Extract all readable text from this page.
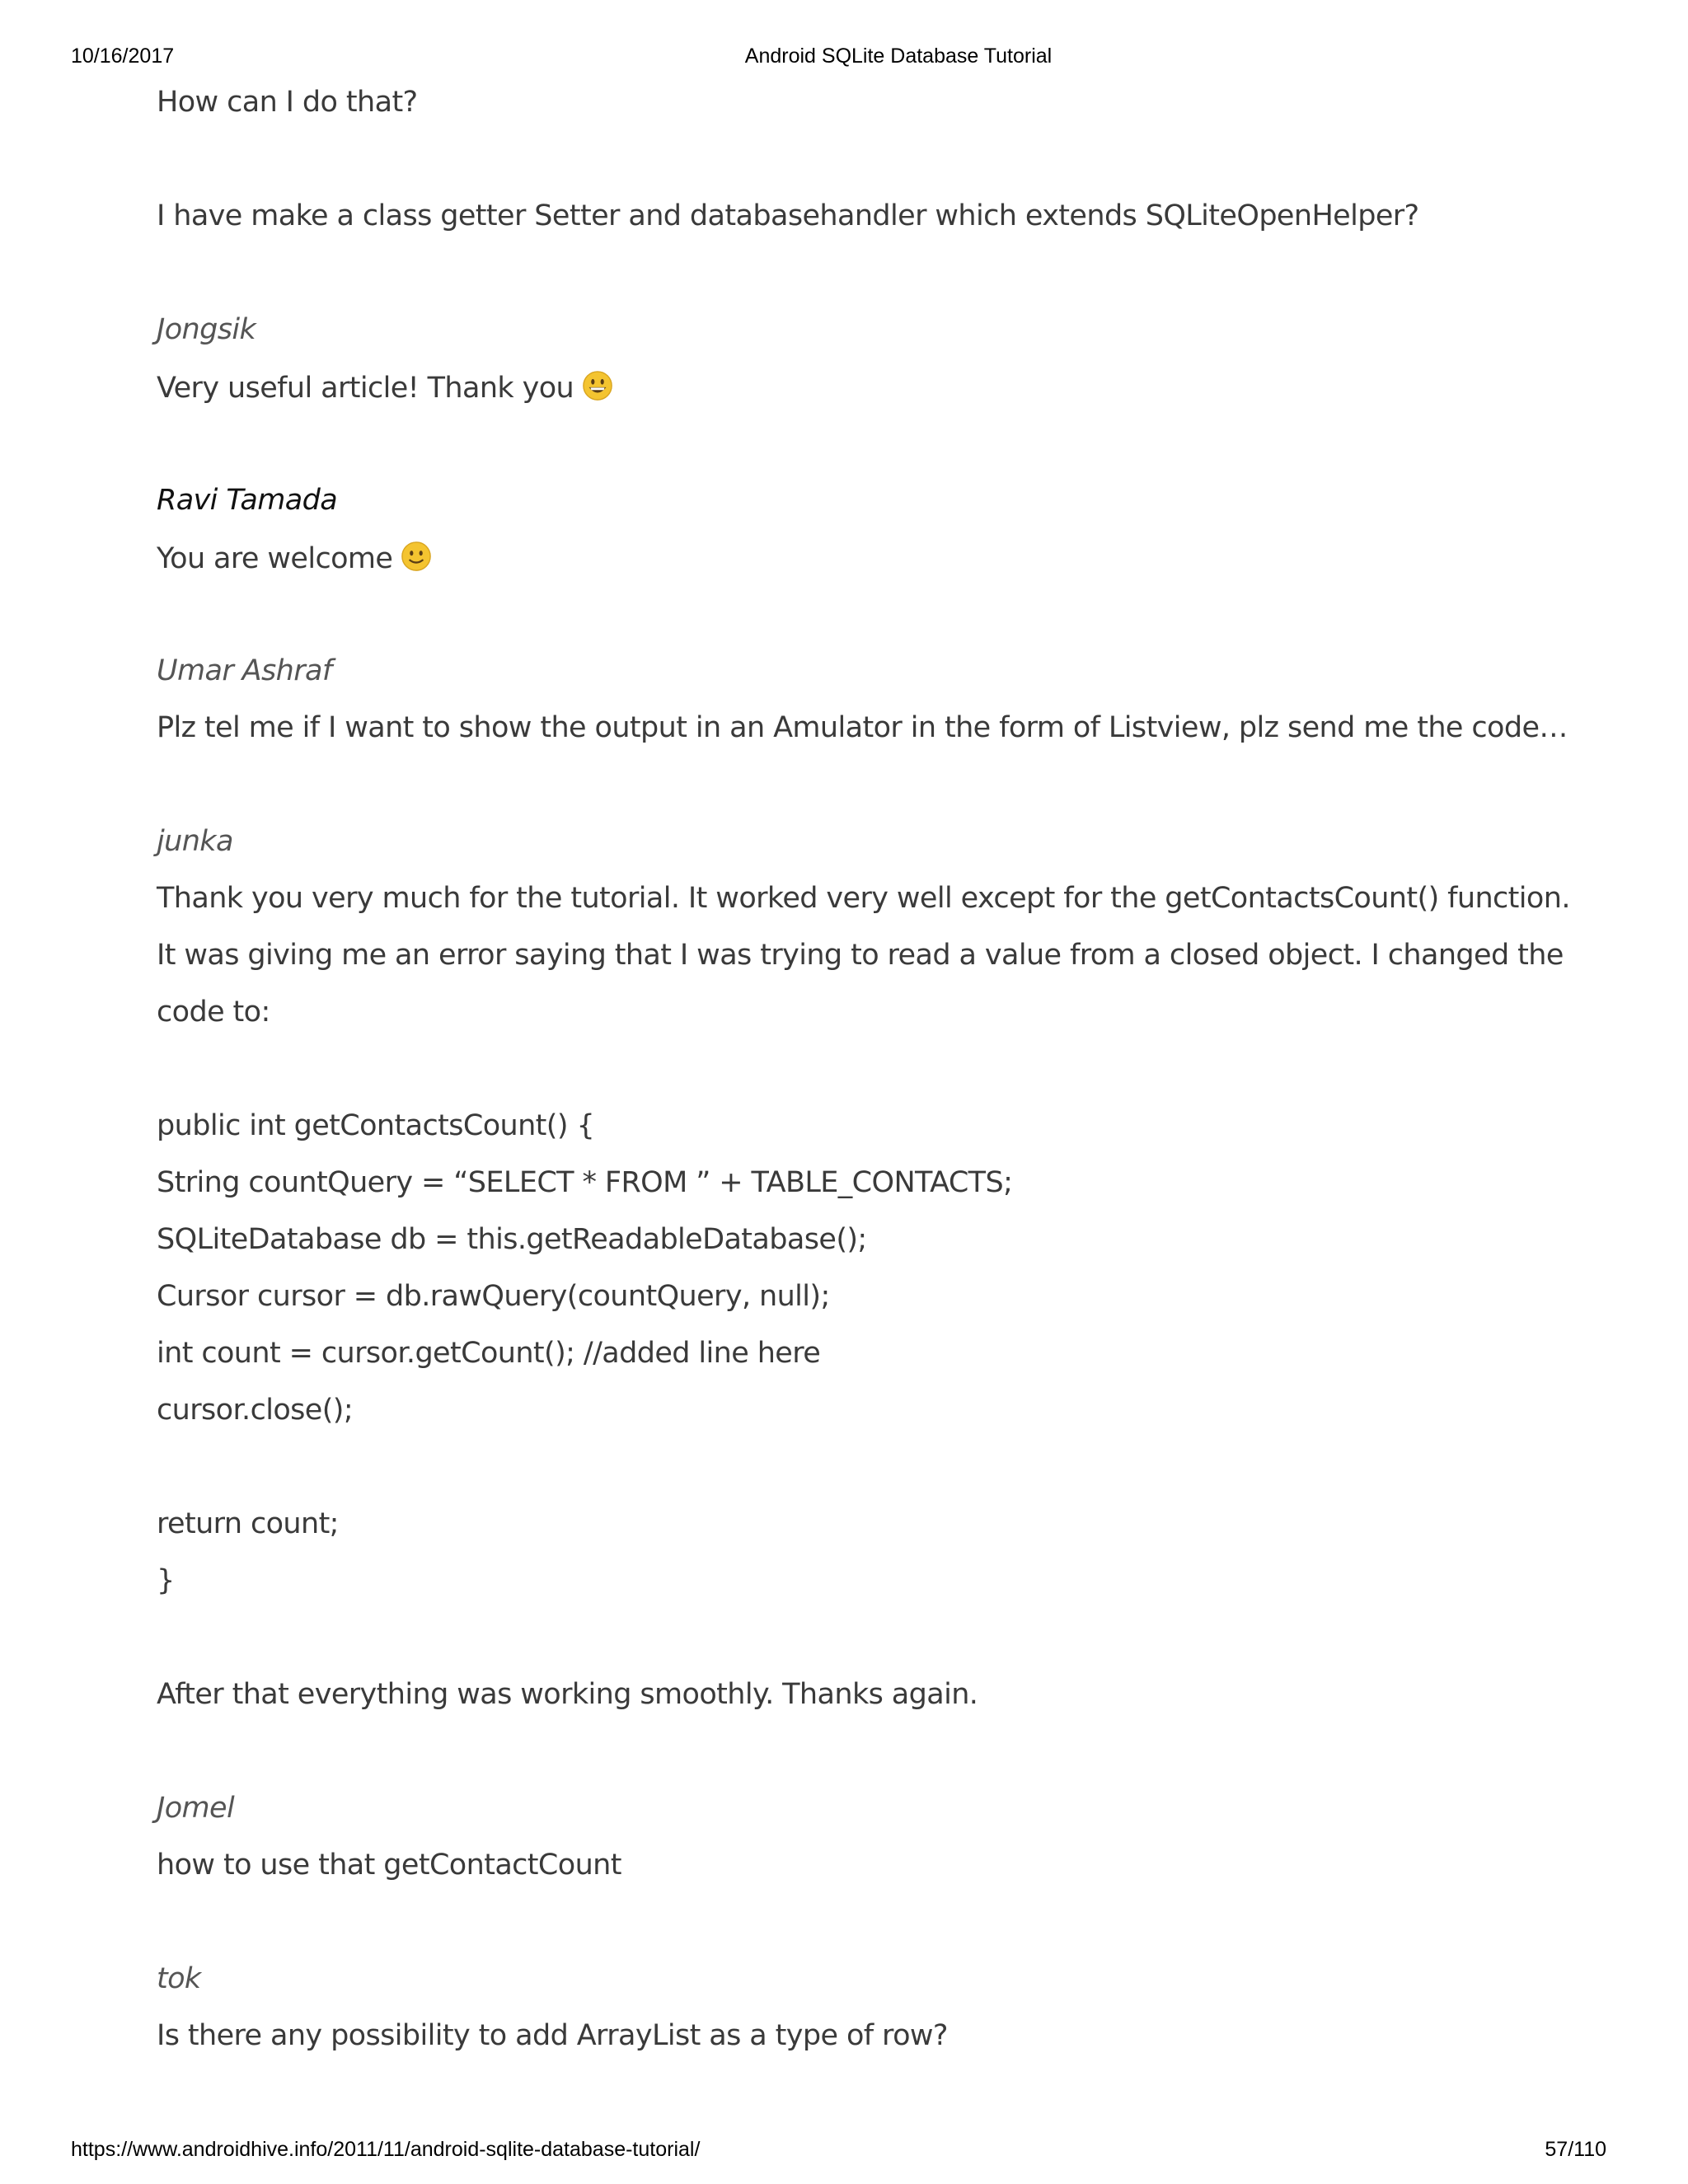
10/16/2017	Android SQLite Database Tutorial
How can I do that?
I have make a class getter Setter and databasehandler which extends SQLiteOpenHelper?
Jongsik
Very useful article! Thank you
Ravi Tamada
You are welcome
Umar Ashraf
Plz tel me if I want to show the output in an Amulator in the form of Listview, plz send me the code…
junka
Thank you very much for the tutorial. It worked very well except for the getContactsCount() function.
It was giving me an error saying that I was trying to read a value from a closed object. I changed the
code to:
public int getContactsCount() {
String countQuery = “SELECT * FROM ” + TABLE_CONTACTS;
SQLiteDatabase db = this.getReadableDatabase();
Cursor cursor = db.rawQuery(countQuery, null);
int count = cursor.getCount(); //added line here
cursor.close();
return count;
}
After that everything was working smoothly. Thanks again.
Jomel
how to use that getContactCount
tok
Is there any possibility to add ArrayList as a type of row?
https://www.androidhive.info/2011/11/android-sqlite-database-tutorial/	57/110
